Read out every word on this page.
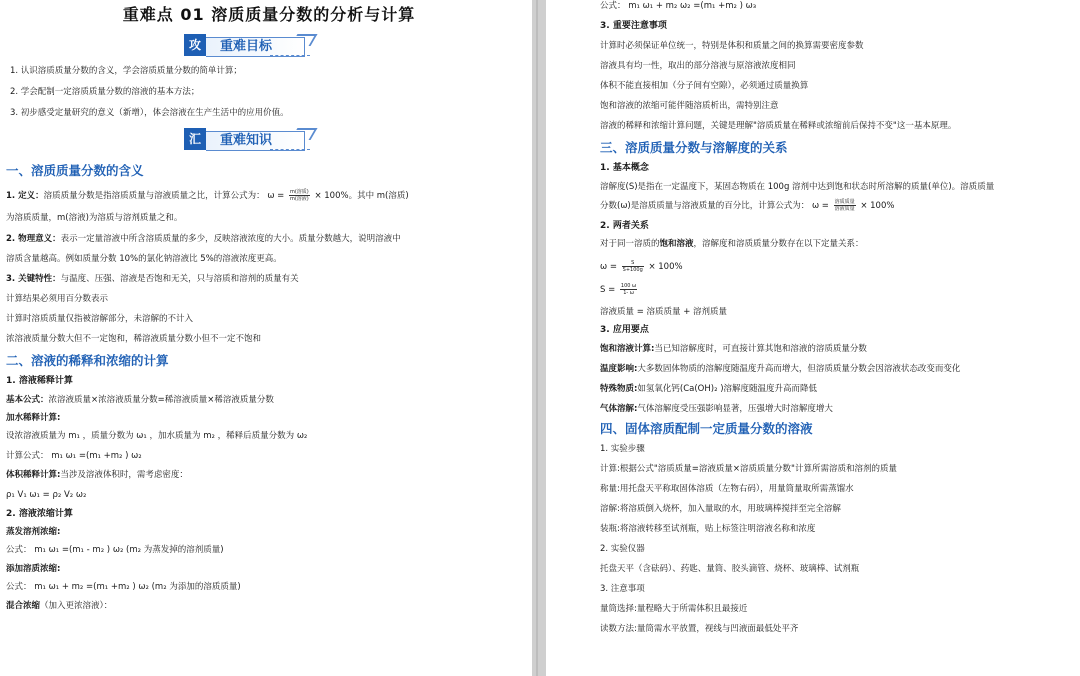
重难点 01 溶质质量分数的分析与计算
攻	重难目标

1. 认识溶质质量分数的含义，学会溶质质量分数的简单计算；

2. 学会配制一定溶质质量分数的溶液的基本方法；

3. 初步感受定量研究的意义（新增），体会溶液在生产生活中的应用价值。

汇	重难知识
一、溶质质量分数的含义

1. 定义：溶质质量分数是指溶质质量与溶液质量之比，计算公式为： $\omega = \frac{\text{m(溶质)}}{\text{m(溶液)}} \times 100\%$。其中 m(溶质)

为溶质质量，m(溶液)为溶质与溶剂质量之和。

2. 物理意义：表示一定量溶液中所含溶质质量的多少，反映溶液浓度的大小。质量分数越大，说明溶液中

溶质含量越高。例如质量分数 10%的氯化钠溶液比 5%的溶液浓度更高。

3. 关键特性：与温度、压强、溶液是否饱和无关，只与溶质和溶剂的质量有关

计算结果必须用百分数表示

计算时溶质质量仅指被溶解部分，未溶解的不计入

浓溶液质量分数大但不一定饱和，稀溶液质量分数小但不一定不饱和

二、溶液的稀释和浓缩的计算

1. 溶液稀释计算

基本公式：浓溶液质量×浓溶液质量分数=稀溶液质量×稀溶液质量分数

加水稀释计算:

设浓溶液质量为 m₁ ，质量分数为 ω₁ ，加水质量为 m₂ ，稀释后质量分数为 ω₂

计算公式： m₁ ω₁ =(m₁ +m₂ ) ω₂

体积稀释计算:当涉及溶液体积时，需考虑密度：

ρ₁ V₁ ω₁ = ρ₂ V₂ ω₂

2. 溶液浓缩计算

蒸发溶剂浓缩:

公式： m₁ ω₁ =(m₁ - m₂ ) ω₂ (m₂ 为蒸发掉的溶剂质量)

添加溶质浓缩:

公式： m₁ ω₁ + m₂ =(m₁ +m₂ ) ω₂ (m₂ 为添加的溶质质量)

混合浓缩（加入更浓溶液）：

公式： m₁ ω₁ + m₂ ω₂ =(m₁ +m₂ ) ω₃

3. 重要注意事项

计算时必须保证单位统一，特别是体积和质量之间的换算需要密度参数

溶液具有均一性，取出的部分溶液与原溶液浓度相同

体积不能直接相加（分子间有空隙），必须通过质量换算

饱和溶液的浓缩可能伴随溶质析出，需特别注意

溶液的稀释和浓缩计算问题，关键是理解"溶质质量在稀释或浓缩前后保持不变"这一基本原理。

三、溶质质量分数与溶解度的关系

1. 基本概念

溶解度(S)是指在一定温度下，某固态物质在 100g 溶剂中达到饱和状态时所溶解的质量(单位)。溶质质量

分数(ω)是溶质质量与溶液质量的百分比，计算公式为： $\omega = \frac{\text{溶质质量}}{\text{溶液质量}} \times 100\%$

2. 两者关系

对于同一溶质的饱和溶液，溶解度和溶质质量分数存在以下定量关系：

$\omega = \frac{S}{S+100g} \times 100\%$

$S = \frac{100 \omega}{1- \omega}$

溶液质量 = 溶质质量 + 溶剂质量

3. 应用要点

饱和溶液计算:当已知溶解度时，可直接计算其饱和溶液的溶质质量分数

温度影响:大多数固体物质的溶解度随温度升高而增大，但溶质质量分数会因溶液状态改变而变化

特殊物质:如氢氧化钙(Ca(OH)₂ )溶解度随温度升高而降低

气体溶解:气体溶解度受压强影响显著，压强增大时溶解度增大

四、固体溶质配制一定质量分数的溶液

1. 实验步骤

计算:根据公式"溶质质量=溶液质量×溶质质量分数"计算所需溶质和溶剂的质量

称量:用托盘天平称取固体溶质（左物右码），用量筒量取所需蒸馏水

溶解:将溶质倒入烧杯，加入量取的水，用玻璃棒搅拌至完全溶解

装瓶:将溶液转移至试剂瓶，贴上标签注明溶液名称和浓度

2. 实验仪器

托盘天平（含砝码）、药匙、量筒、胶头滴管、烧杯、玻璃棒、试剂瓶

3. 注意事项

量筒选择:量程略大于所需体积且最接近

读数方法:量筒需水平放置，视线与凹液面最低处平齐
